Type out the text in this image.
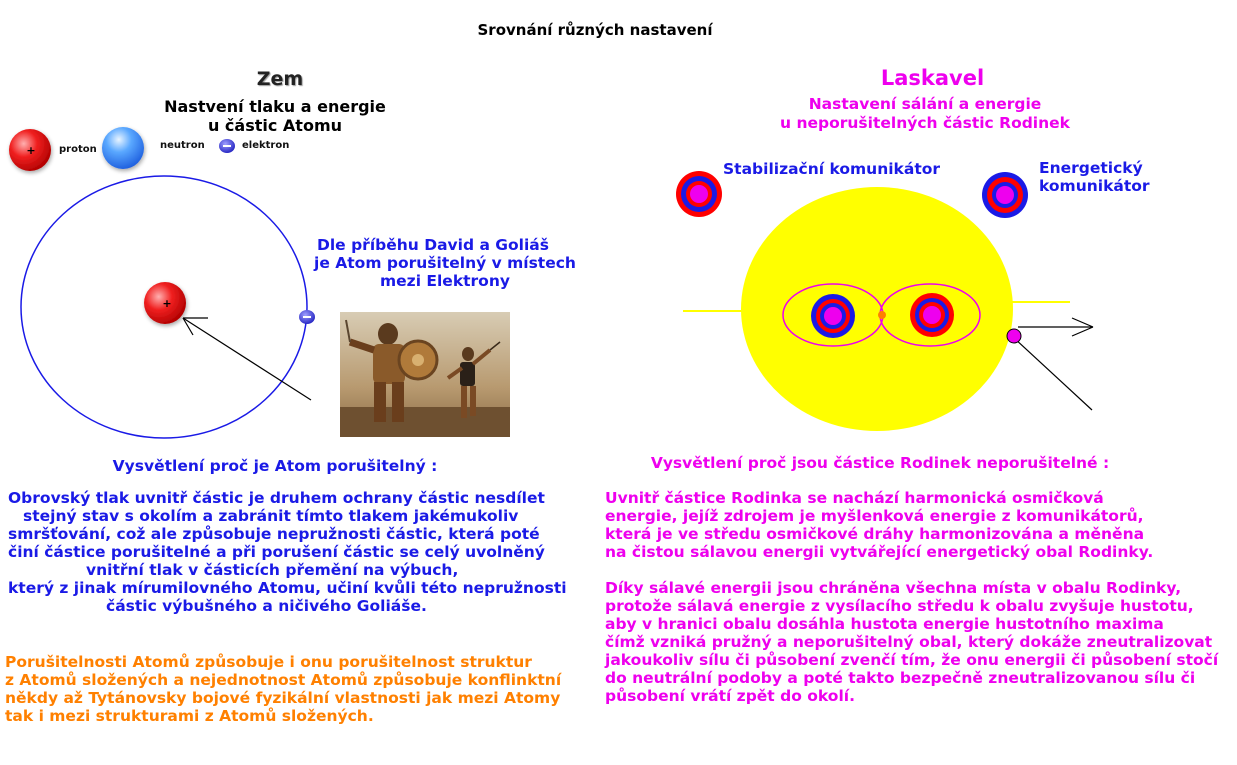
+
+
Srovnání různých nastavení
Zem
Nastvení tlaku a energie
u částic Atomu
proton	neutron	elektron
Dle příběhu David a Goliáš
je Atom porušitelný v místech
mezi Elektrony
Vysvětlení proč je Atom porušitelný :
Obrovský tlak uvnitř částic je druhem ochrany částic nesdílet
stejný stav s okolím a zabránit tímto tlakem jakémukoliv
smršťování, což ale způsobuje nepružnosti částic, která poté
činí částice porušitelné a při porušení částic se celý uvolněný
vnitřní tlak v částicích přemění na výbuch,
který z jinak mírumilovného Atomu, učiní kvůli této nepružnosti
částic výbušného a ničivého Goliáše.
Porušitelnosti Atomů způsobuje i onu porušitelnost struktur
z Atomů složených a nejednotnost Atomů způsobuje konflinktní
někdy až Tytánovsky bojové fyzikální vlastnosti jak mezi Atomy
tak i mezi strukturami z Atomů složených.
Laskavel
Nastavení sálání a energie
u neporušitelných částic Rodinek
Stabilizační komunikátor	Energetický
komunikátor
Vysvětlení proč jsou částice Rodinek neporušitelné :
Uvnitř částice Rodinka se nachází harmonická osmičková
energie, jejíž zdrojem je myšlenková energie z komunikátorů,
která je ve středu osmičkové dráhy harmonizována a měněna
na čistou sálavou energii vytvářející energetický obal Rodinky.
Díky sálavé energii jsou chráněna všechna místa v obalu Rodinky,
protože sálavá energie z vysílacího středu k obalu zvyšuje hustotu,
aby v hranici obalu dosáhla hustota energie hustotního maxima
čímž vzniká pružný a neporušitelný obal, který dokáže zneutralizovat
jakoukoliv sílu či působení zvenčí tím, že onu energii či působení stočí
do neutrální podoby a poté takto bezpečně zneutralizovanou sílu či
působení vrátí zpět do okolí.
